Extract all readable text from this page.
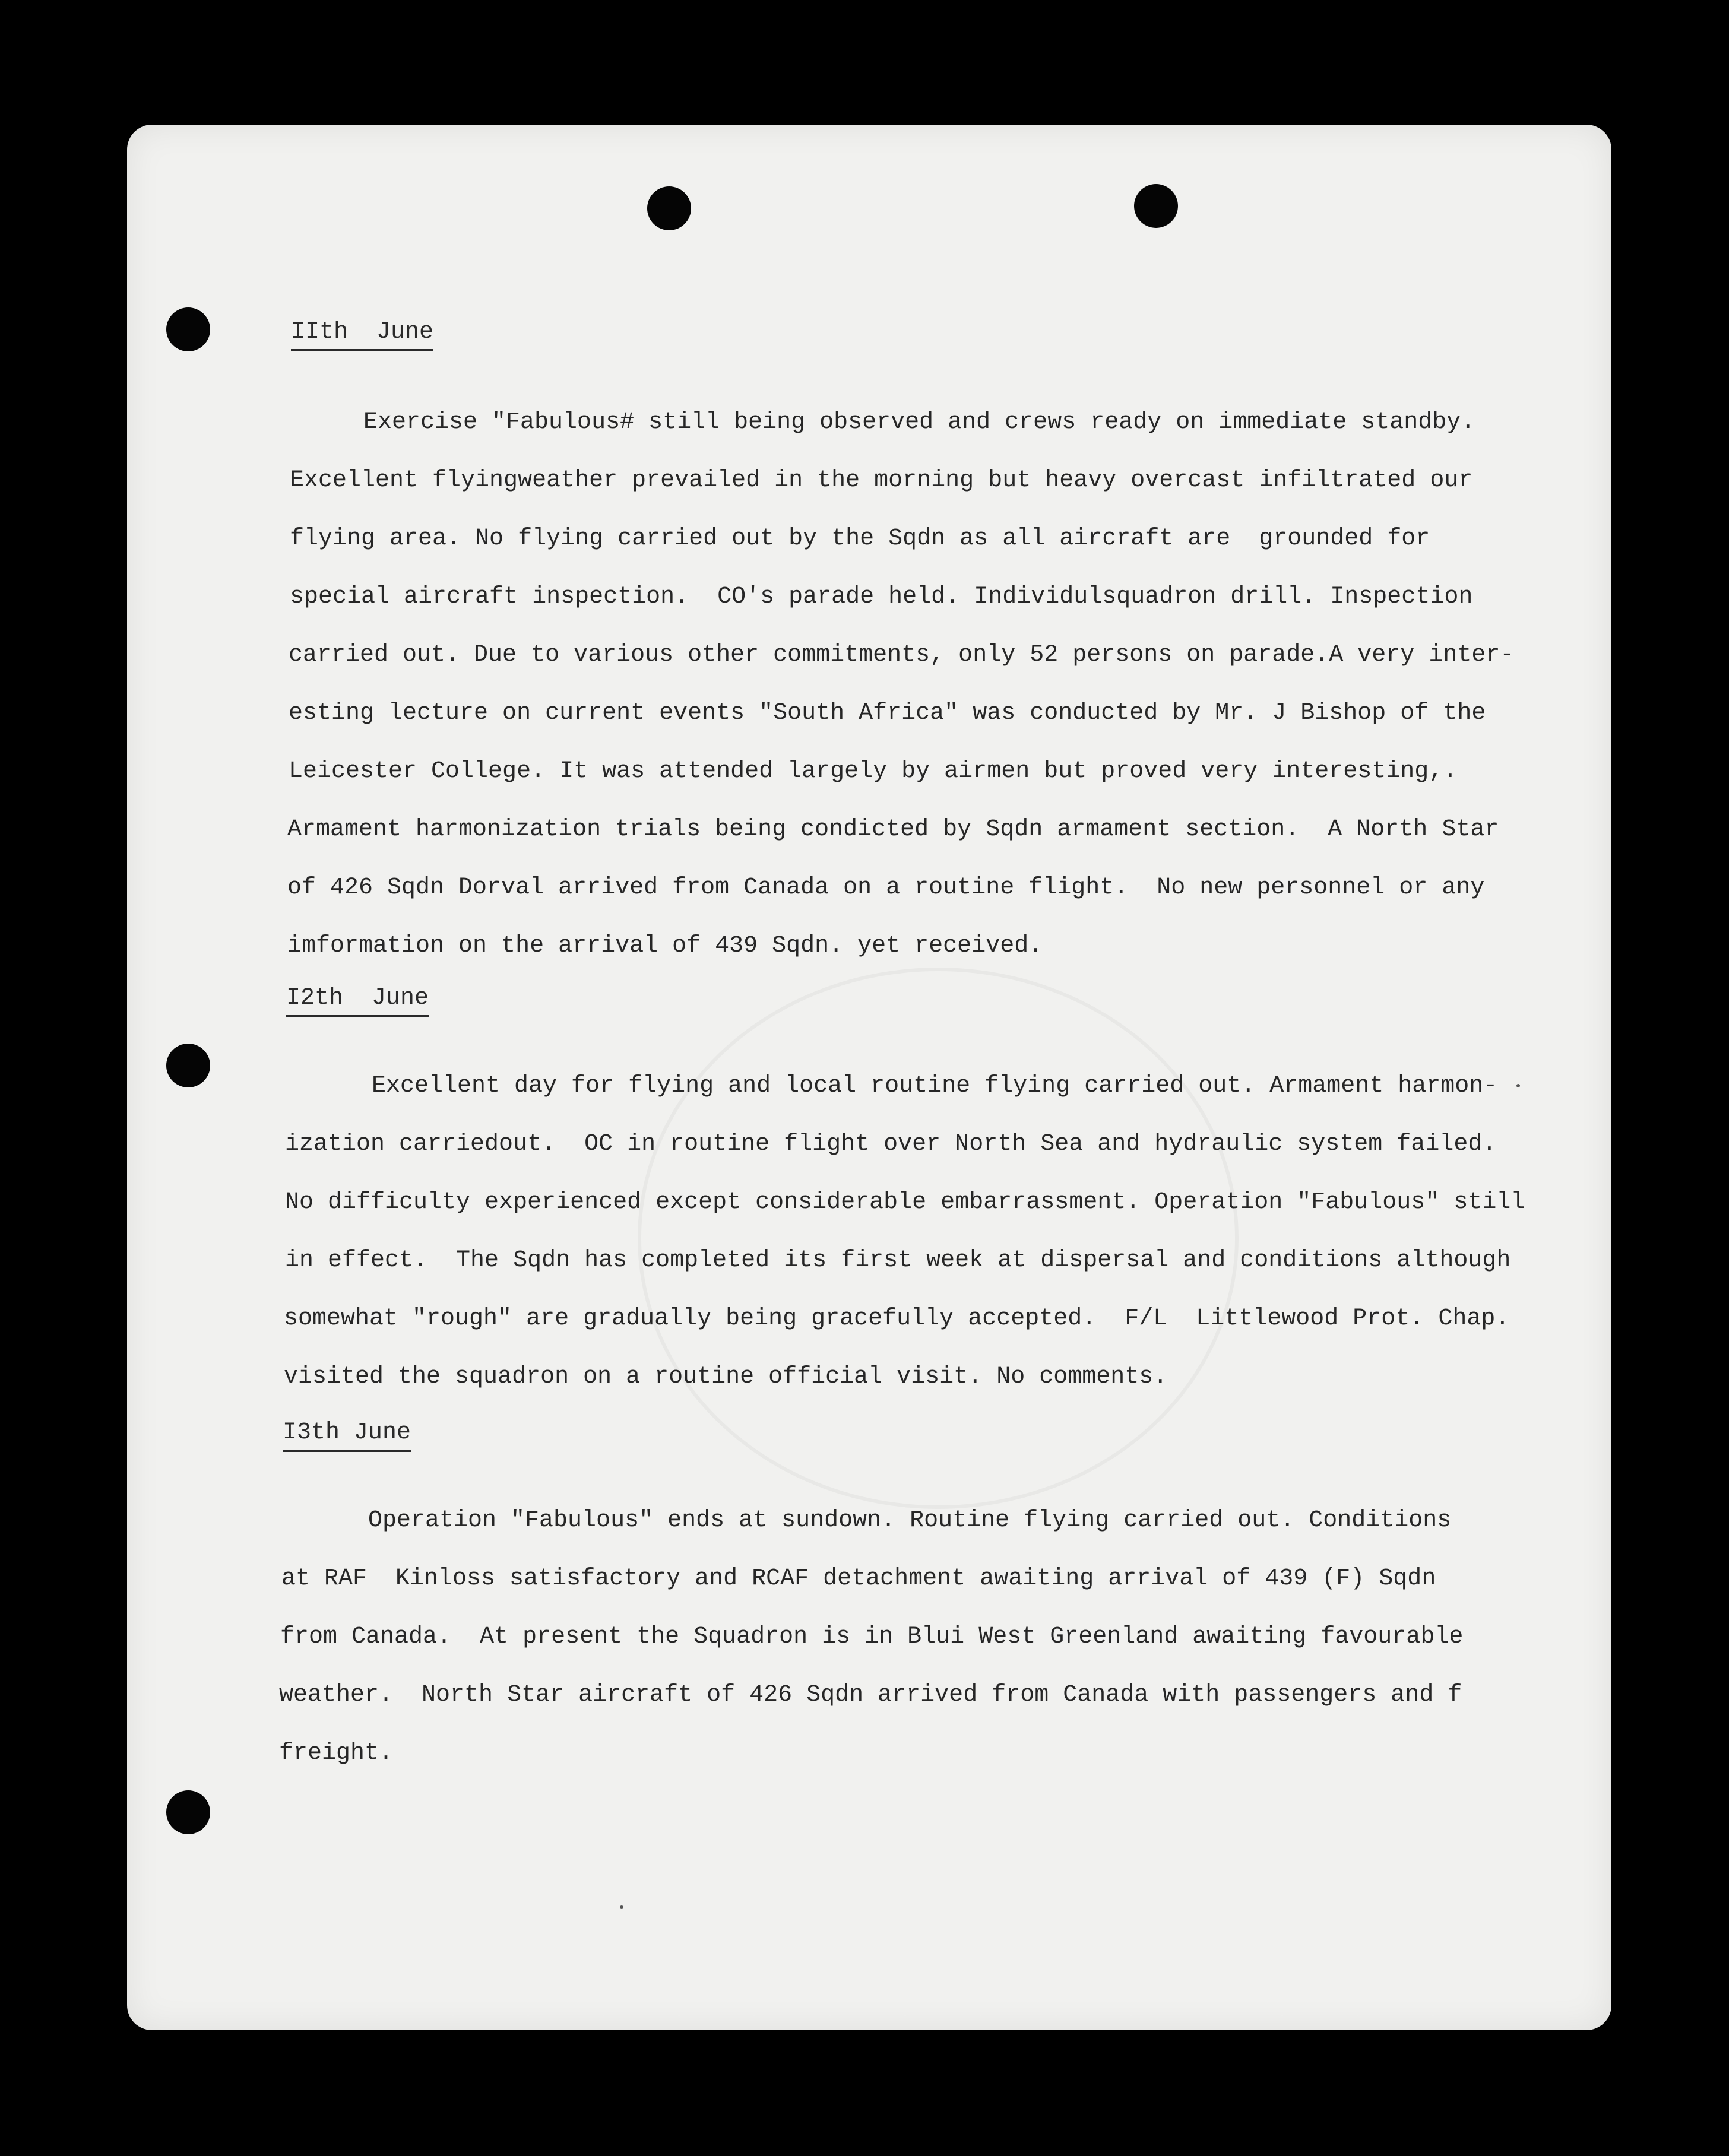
IIth  June
Exercise "Fabulous# still being observed and crews ready on immediate standby.
Excellent flyingweather prevailed in the morning but heavy overcast infiltrated our
flying area. No flying carried out by the Sqdn as all aircraft are  grounded for
special aircraft inspection.  CO's parade held. Individulsquadron drill. Inspection
carried out. Due to various other commitments, only 52 persons on parade.A very inter-
esting lecture on current events "South Africa" was conducted by Mr. J Bishop of the
Leicester College. It was attended largely by airmen but proved very interesting,.
Armament harmonization trials being condicted by Sqdn armament section.  A North Star
of 426 Sqdn Dorval arrived from Canada on a routine flight.  No new personnel or any
imformation on the arrival of 439 Sqdn. yet received.
I2th  June
Excellent day for flying and local routine flying carried out. Armament harmon-
ization carriedout.  OC in routine flight over North Sea and hydraulic system failed.
No difficulty experienced except considerable embarrassment. Operation "Fabulous" still
in effect.  The Sqdn has completed its first week at dispersal and conditions although
somewhat "rough" are gradually being gracefully accepted.  F/L  Littlewood Prot. Chap.
visited the squadron on a routine official visit. No comments.
I3th June
Operation "Fabulous" ends at sundown. Routine flying carried out. Conditions
at RAF  Kinloss satisfactory and RCAF detachment awaiting arrival of 439 (F) Sqdn
from Canada.  At present the Squadron is in Blui West Greenland awaiting favourable
weather.  North Star aircraft of 426 Sqdn arrived from Canada with passengers and f
freight.
